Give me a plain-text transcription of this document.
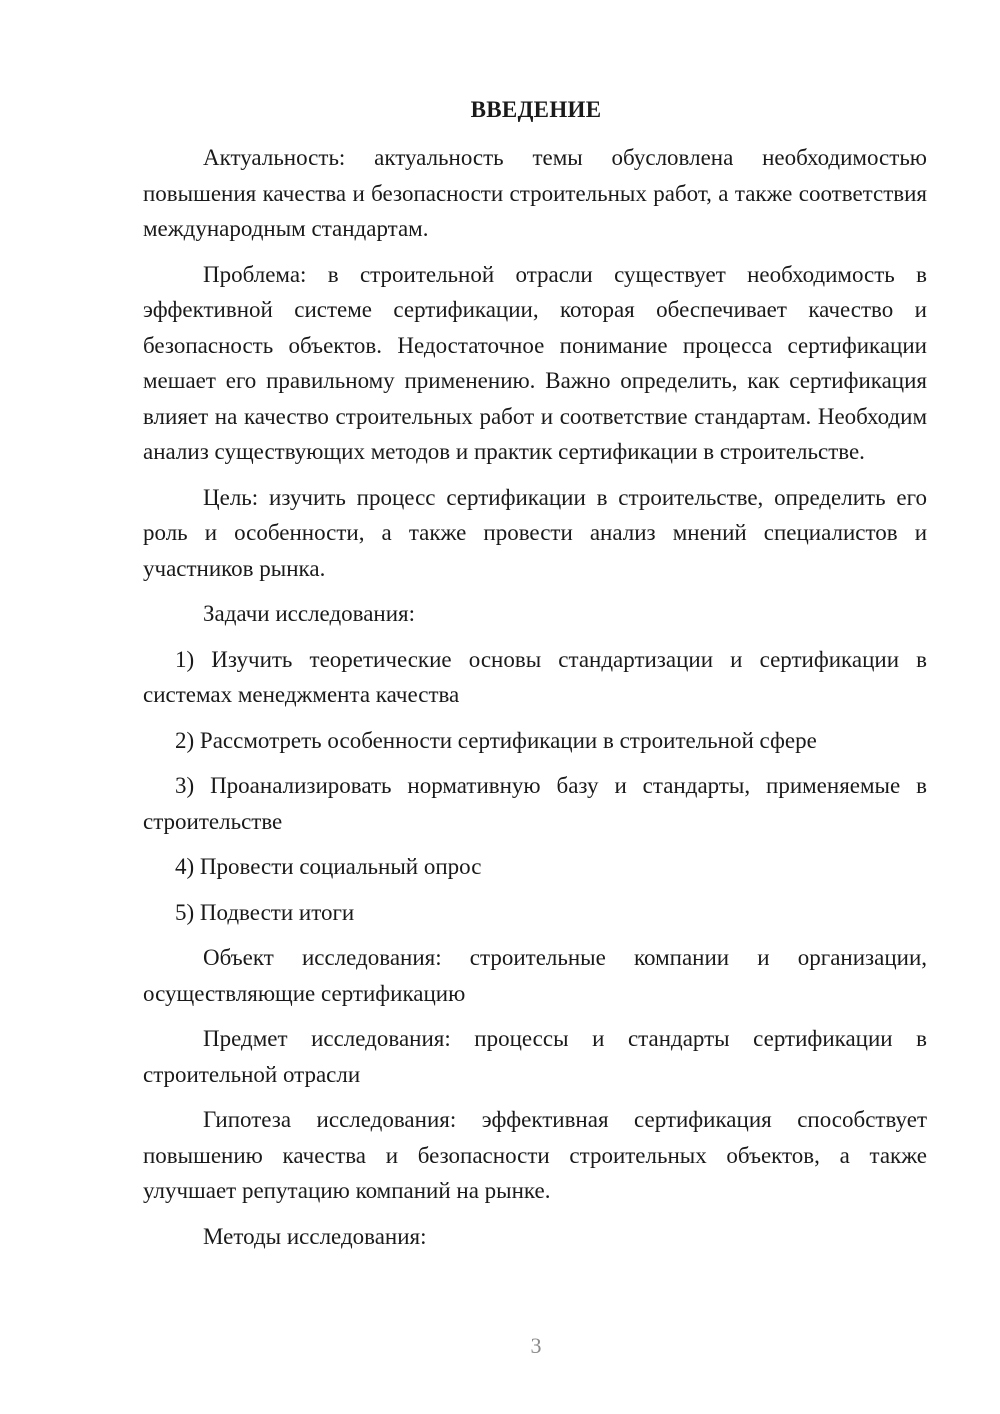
ВВЕДЕНИЕ

Актуальность: актуальность темы обусловлена необходимостью повышения качества и безопасности строительных работ, а также соответствия международным стандартам.

Проблема: в строительной отрасли существует необходимость в эффективной системе сертификации, которая обеспечивает качество и безопасность объектов. Недостаточное понимание процесса сертификации мешает его правильному применению. Важно определить, как сертификация влияет на качество строительных работ и соответствие стандартам. Необходим анализ существующих методов и практик сертификации в строительстве.

Цель: изучить процесс сертификации в строительстве, определить его роль и особенности, а также провести анализ мнений специалистов и участников рынка.

Задачи исследования:

1) Изучить теоретические основы стандартизации и сертификации в системах менеджмента качества

2) Рассмотреть особенности сертификации в строительной сфере

3) Проанализировать нормативную базу и стандарты, применяемые в строительстве

4) Провести социальный опрос

5) Подвести итоги

Объект исследования: строительные компании и организации, осуществляющие сертификацию

Предмет исследования: процессы и стандарты сертификации в строительной отрасли

Гипотеза исследования: эффективная сертификация способствует повышению качества и безопасности строительных объектов, а также улучшает репутацию компаний на рынке.

Методы исследования:

3
